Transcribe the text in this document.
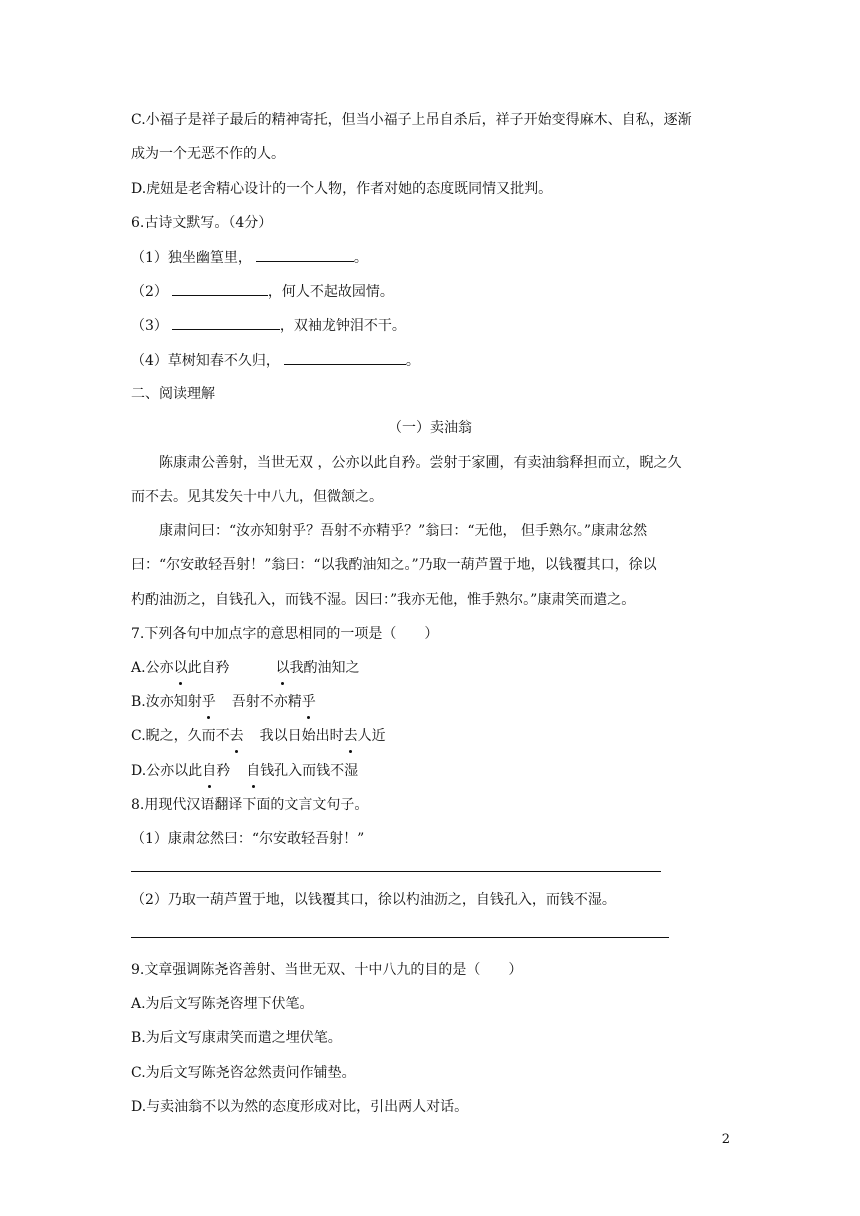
C.小福子是祥子最后的精神寄托，但当小福子上吊自杀后，祥子开始变得麻木、自私，逐渐
成为一个无恶不作的人。
D.虎妞是老舍精心设计的一个人物，作者对她的态度既同情又批判。
6.古诗文默写。（4分）
（1）独坐幽篁里，	。
（2）	，何人不起故园情。
（3）	，双袖龙钟泪不干。
（4）草树知春不久归，	。
二、阅读理解
（一）卖油翁
陈康肃公善射，当世无双 ，公亦以此自矜。尝射于家圃，有卖油翁释担而立，睨之久
而不去。见其发矢十中八九，但微颔之。
康肃问曰：“汝亦知射乎？吾射不亦精乎？”翁曰：“无他， 但手熟尔。”康肃忿然
曰：“尔安敢轻吾射！”翁曰：“以我酌油知之。”乃取一葫芦置于地，以钱覆其口，徐以
杓酌油沥之，自钱孔入，而钱不湿。因曰：”我亦无他，惟手熟尔。”康肃笑而遣之。
7.下列各句中加点字的意思相同的一项是（　　）
A.公亦以此自矜	以我酌油知之
B.汝亦知射乎 吾射不亦精乎
C.睨之，久而不去 我以日始出时去人近
D.公亦以此自矜 自钱孔入而钱不湿
8.用现代汉语翻译下面的文言文句子。
（1）康肃忿然曰：“尔安敢轻吾射！”
（2）乃取一葫芦置于地，以钱覆其口，徐以杓油沥之，自钱孔入，而钱不湿。
9.文章强调陈尧咨善射、当世无双、十中八九的目的是（　　）
A.为后文写陈尧咨埋下伏笔。
B.为后文写康肃笑而遣之埋伏笔。
C.为后文写陈尧咨忿然责问作铺垫。
D.与卖油翁不以为然的态度形成对比，引出两人对话。
2
